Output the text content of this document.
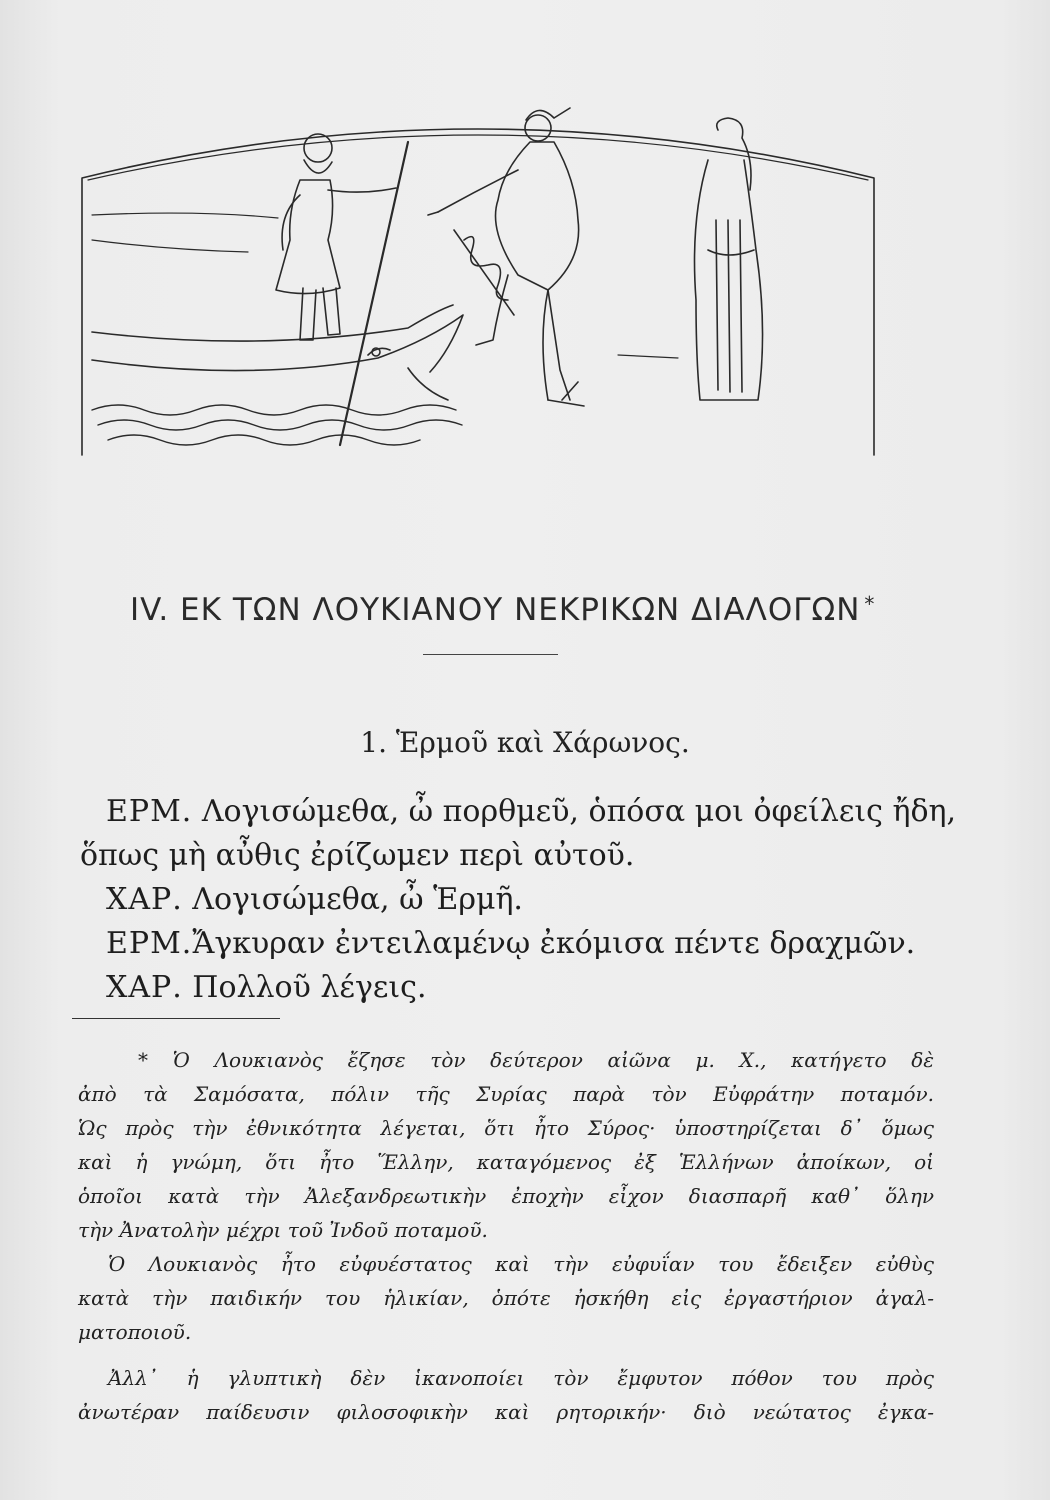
IV. ΕΚ ΤΩΝ ΛΟΥΚΙΑΝΟΥ ΝΕΚΡΙΚΩΝ ΔΙΑΛΟΓΩΝ *
1. Ἑρμοῦ καὶ Χάρωνος.
ΕΡΜ. Λογισώμεθα, ὦ πορθμεῦ, ὁπόσα μοι ὀφείλεις ἤδη,
ὅπως μὴ αὖθις ἐρίζωμεν περὶ αὐτοῦ.
ΧΑΡ. Λογισώμεθα, ὦ Ἑρμῆ.
ΕΡΜ.Ἄγκυραν ἐντειλαμένῳ ἐκόμισα πέντε δραχμῶν.
ΧΑΡ. Πολλοῦ λέγεις.
* Ὁ Λουκιανὸς ἔζησε τὸν δεύτερον αἰῶνα μ. Χ., κατήγετο δὲ
ἀπὸ τὰ Σαμόσατα, πόλιν τῆς Συρίας παρὰ τὸν Εὐφράτην ποταμόν.
Ὡς πρὸς τὴν ἐθνικότητα λέγεται, ὅτι ἦτο Σύρος· ὑποστηρίζεται δ᾿ ὅμως
καὶ ἡ γνώμη, ὅτι ἦτο Ἕλλην, καταγόμενος ἐξ Ἑλλήνων ἀποίκων, οἱ
ὁποῖοι κατὰ τὴν Ἀλεξανδρεωτικὴν ἐποχὴν εἶχον διασπαρῆ καθ᾿ ὅλην
τὴν Ἀνατολὴν μέχρι τοῦ Ἰνδοῦ ποταμοῦ.
Ὁ Λουκιανὸς ἦτο εὐφυέστατος καὶ τὴν εὐφυΐαν του ἔδειξεν εὐθὺς
κατὰ τὴν παιδικήν του ἡλικίαν, ὁπότε ἠσκήθη εἰς ἐργαστήριον ἀγαλ-
ματοποιοῦ.
Ἀλλ᾿ ἡ γλυπτικὴ δὲν ἱκανοποίει τὸν ἔμφυτον πόθον του πρὸς
ἀνωτέραν παίδευσιν φιλοσοφικὴν καὶ ρητορικήν· διὸ νεώτατος ἐγκα-
